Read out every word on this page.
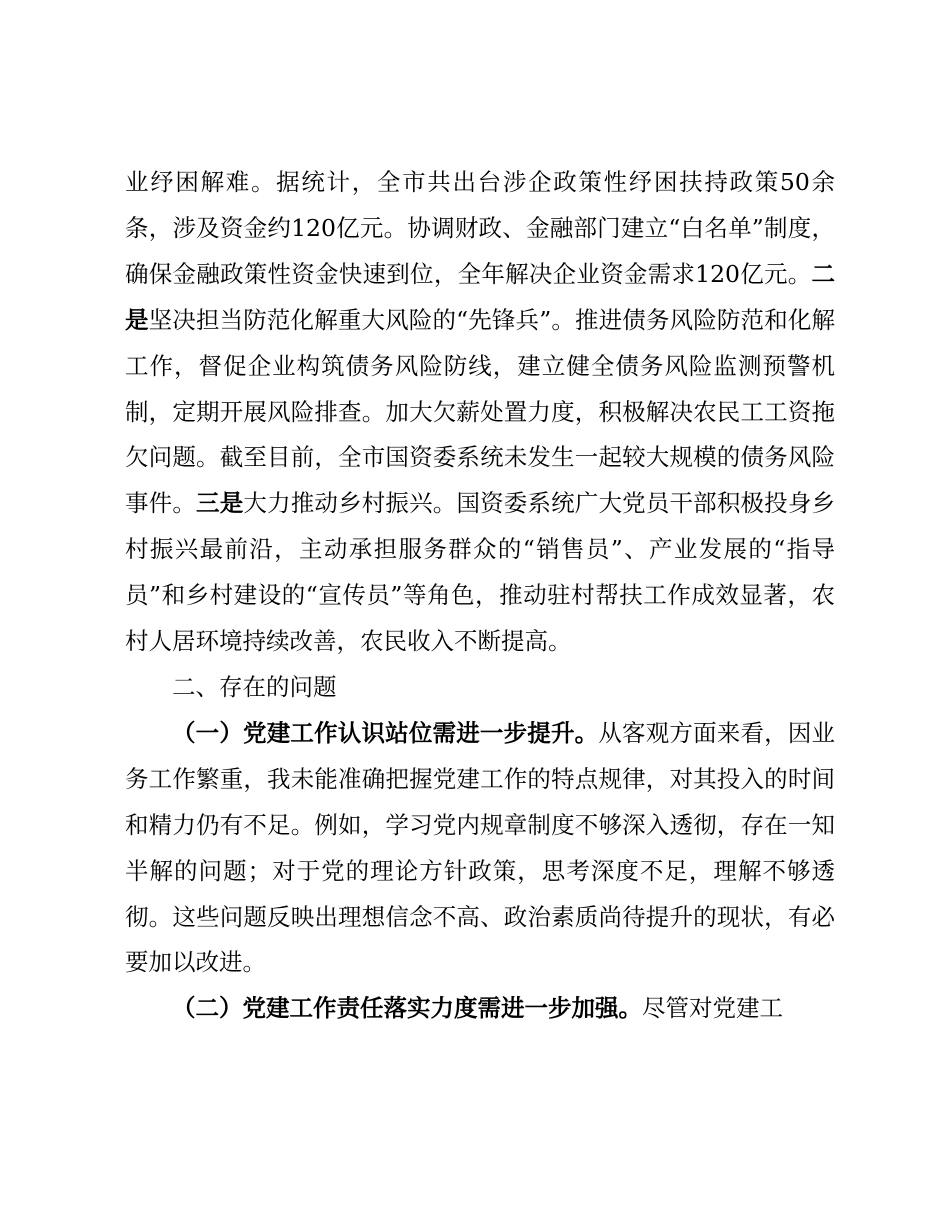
业纾困解难。据统计，全市共出台涉企政策性纾困扶持政策50余条，涉及资金约120亿元。协调财政、金融部门建立“白名单”制度，确保金融政策性资金快速到位，全年解决企业资金需求120亿元。二是坚决担当防范化解重大风险的“先锋兵”。推进债务风险防范和化解工作，督促企业构筑债务风险防线，建立健全债务风险监测预警机制，定期开展风险排查。加大欠薪处置力度，积极解决农民工工资拖欠问题。截至目前，全市国资委系统未发生一起较大规模的债务风险事件。三是大力推动乡村振兴。国资委系统广大党员干部积极投身乡村振兴最前沿，主动承担服务群众的“销售员”、产业发展的“指导员”和乡村建设的“宣传员”等角色，推动驻村帮扶工作成效显著，农村人居环境持续改善，农民收入不断提高。

二、存在的问题

（一）党建工作认识站位需进一步提升。从客观方面来看，因业务工作繁重，我未能准确把握党建工作的特点规律，对其投入的时间和精力仍有不足。例如，学习党内规章制度不够深入透彻，存在一知半解的问题；对于党的理论方针政策，思考深度不足，理解不够透彻。这些问题反映出理想信念不高、政治素质尚待提升的现状，有必要加以改进。

（二）党建工作责任落实力度需进一步加强。尽管对党建工
